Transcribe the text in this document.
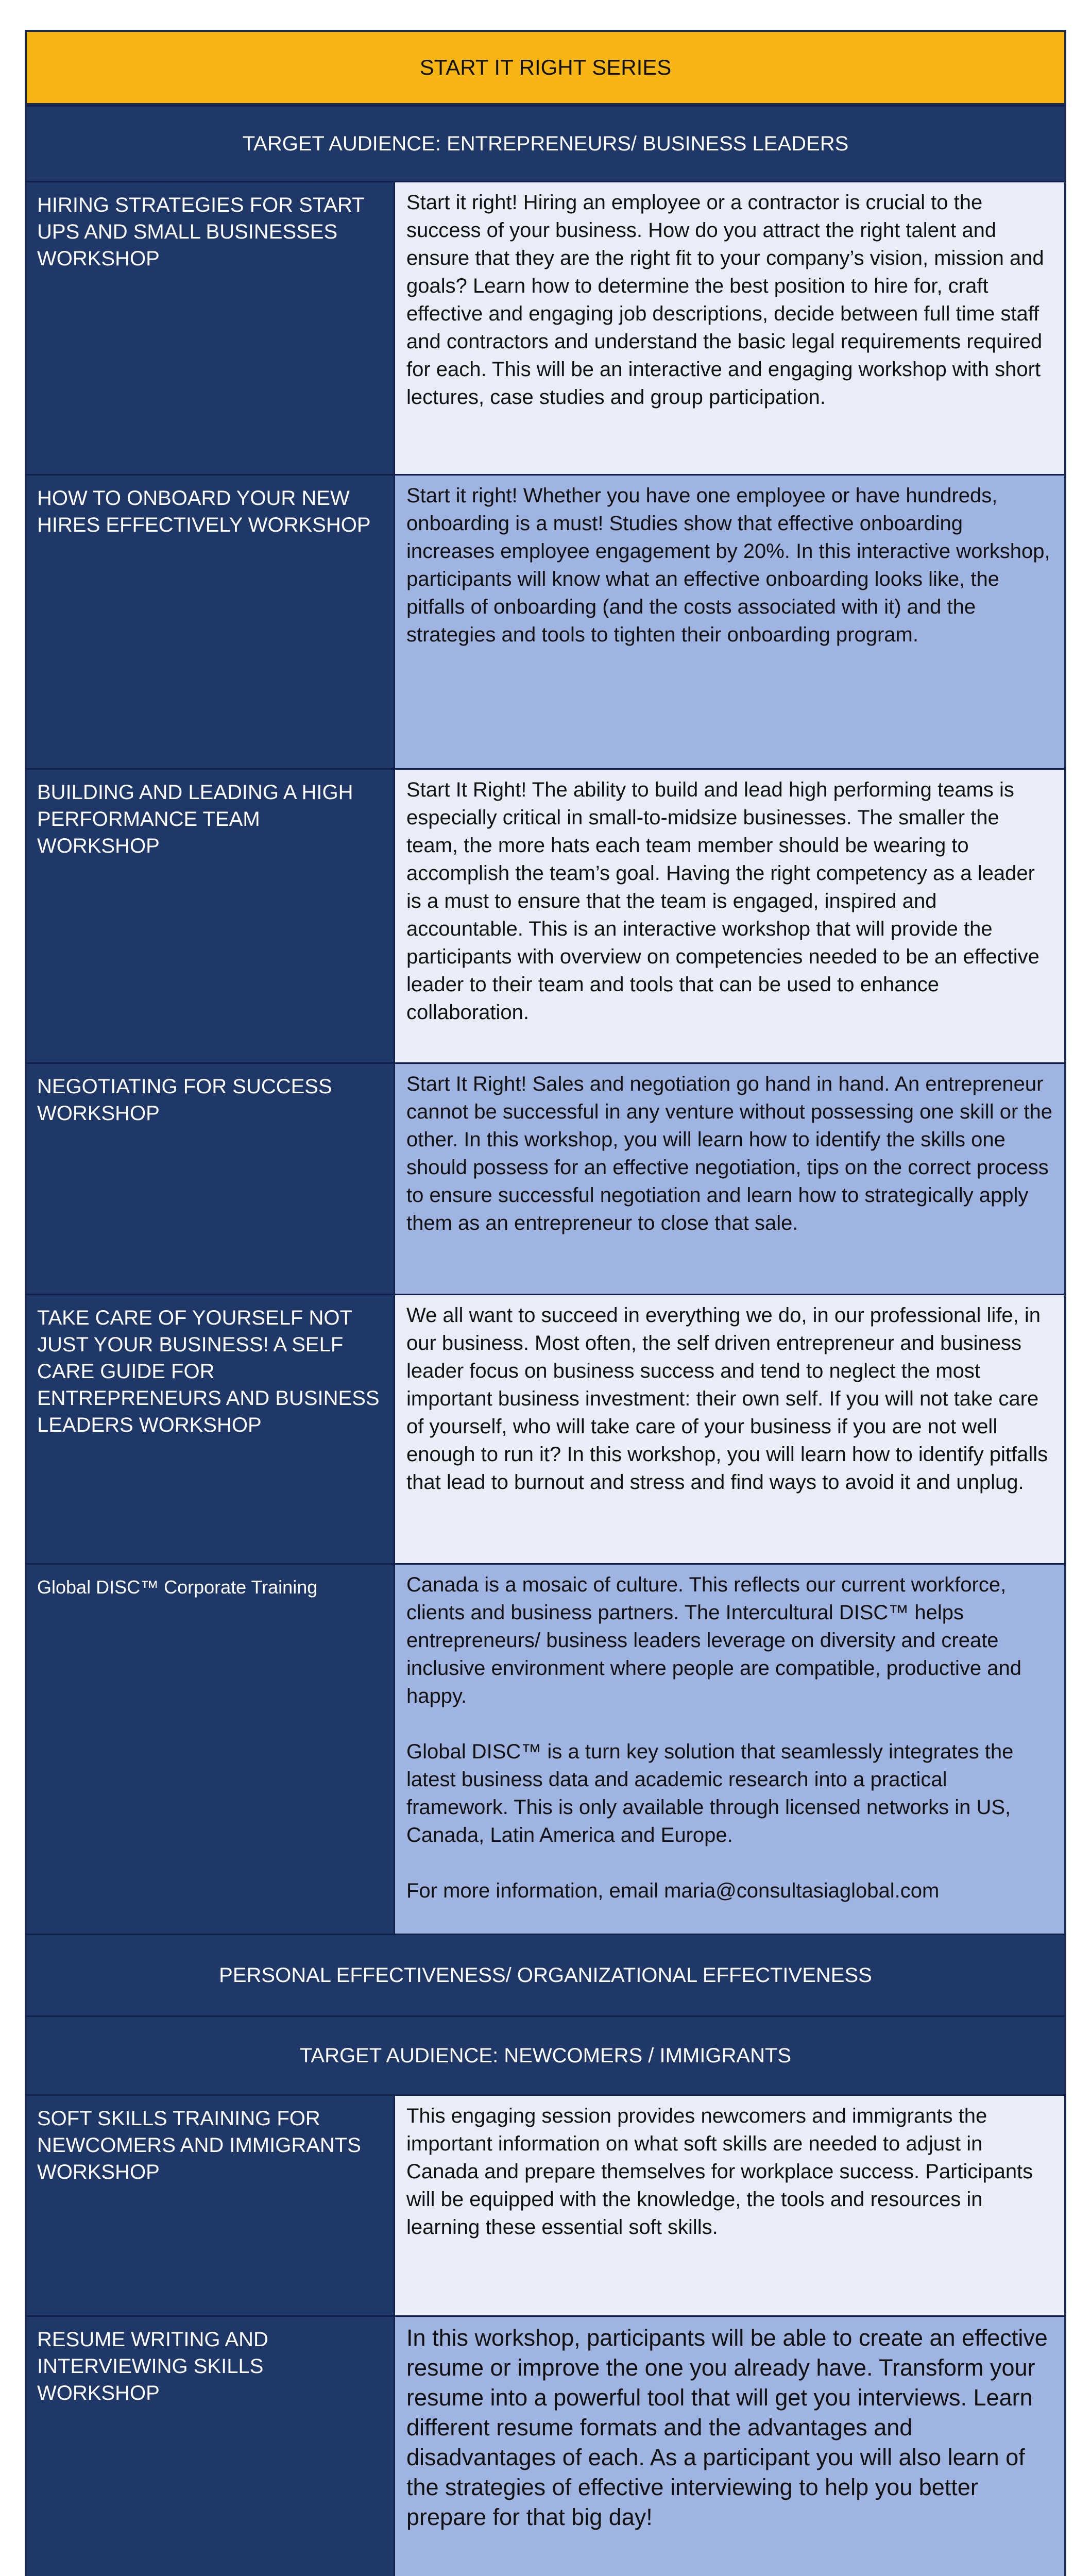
START IT RIGHT SERIES
TARGET AUDIENCE: ENTREPRENEURS/ BUSINESS LEADERS
HIRING STRATEGIES FOR START UPS AND SMALL BUSINESSES WORKSHOP
Start it right! Hiring an employee or a contractor is crucial to the success of your business. How do you attract the right talent and ensure that they are the right fit to your company’s vision, mission and goals? Learn how to determine the best position to hire for, craft effective and engaging job descriptions, decide between full time staff and contractors and understand the basic legal requirements required for each. This will be an interactive and engaging workshop with short lectures, case studies and group participation.
HOW TO ONBOARD YOUR NEW HIRES EFFECTIVELY WORKSHOP
Start it right! Whether you have one employee or have hundreds, onboarding is a must! Studies show that effective onboarding increases employee engagement by 20%. In this interactive workshop, participants will know what an effective onboarding looks like, the pitfalls of onboarding (and the costs associated with it) and the strategies and tools to tighten their onboarding program.
BUILDING AND LEADING A HIGH PERFORMANCE TEAM WORKSHOP
Start It Right! The ability to build and lead high performing teams is especially critical in small-to-midsize businesses. The smaller the team, the more hats each team member should be wearing to accomplish the team’s goal. Having the right competency as a leader is a must to ensure that the team is engaged, inspired and accountable. This is an interactive workshop that will provide the participants with overview on competencies needed to be an effective leader to their team and tools that can be used to enhance collaboration.
NEGOTIATING FOR SUCCESS WORKSHOP
Start It Right! Sales and negotiation go hand in hand. An entrepreneur cannot be successful in any venture without possessing one skill or the other. In this workshop, you will learn how to identify the skills one should possess for an effective negotiation, tips on the correct process to ensure successful negotiation and learn how to strategically apply them as an entrepreneur to close that sale.
TAKE CARE OF YOURSELF NOT JUST YOUR BUSINESS! A SELF CARE GUIDE FOR ENTREPRENEURS AND BUSINESS LEADERS WORKSHOP
We all want to succeed in everything we do, in our professional life, in our business. Most often, the self driven entrepreneur and business leader focus on business success and tend to neglect the most important business investment: their own self. If you will not take care of yourself, who will take care of your business if you are not well enough to run it? In this workshop, you will learn how to identify pitfalls that lead to burnout and stress and find ways to avoid it and unplug.
Global DISC™ Corporate Training	Canada is a mosaic of culture. This reflects our current workforce, clients and business partners. The Intercultural DISC™ helps entrepreneurs/ business leaders leverage on diversity and create inclusive environment where people are compatible, productive and happy.

Global DISC™ is a turn key solution that seamlessly integrates the latest business data and academic research into a practical framework. This is only available through licensed networks in US, Canada, Latin America and Europe.

For more information, email maria@consultasiaglobal.com

PERSONAL EFFECTIVENESS/ ORGANIZATIONAL EFFECTIVENESS
TARGET AUDIENCE: NEWCOMERS / IMMIGRANTS
SOFT SKILLS TRAINING FOR NEWCOMERS AND IMMIGRANTS WORKSHOP
This engaging session provides newcomers and immigrants the important information on what soft skills are needed to adjust in Canada and prepare themselves for workplace success. Participants will be equipped with the knowledge, the tools and resources in learning these essential soft skills.
RESUME WRITING AND INTERVIEWING SKILLS WORKSHOP
In this workshop, participants will be able to create an effective resume or improve the one you already have. Transform your resume into a powerful tool that will get you interviews. Learn different resume formats and the advantages and disadvantages of each. As a participant you will also learn of the strategies of effective interviewing to help you better prepare for that big day!
